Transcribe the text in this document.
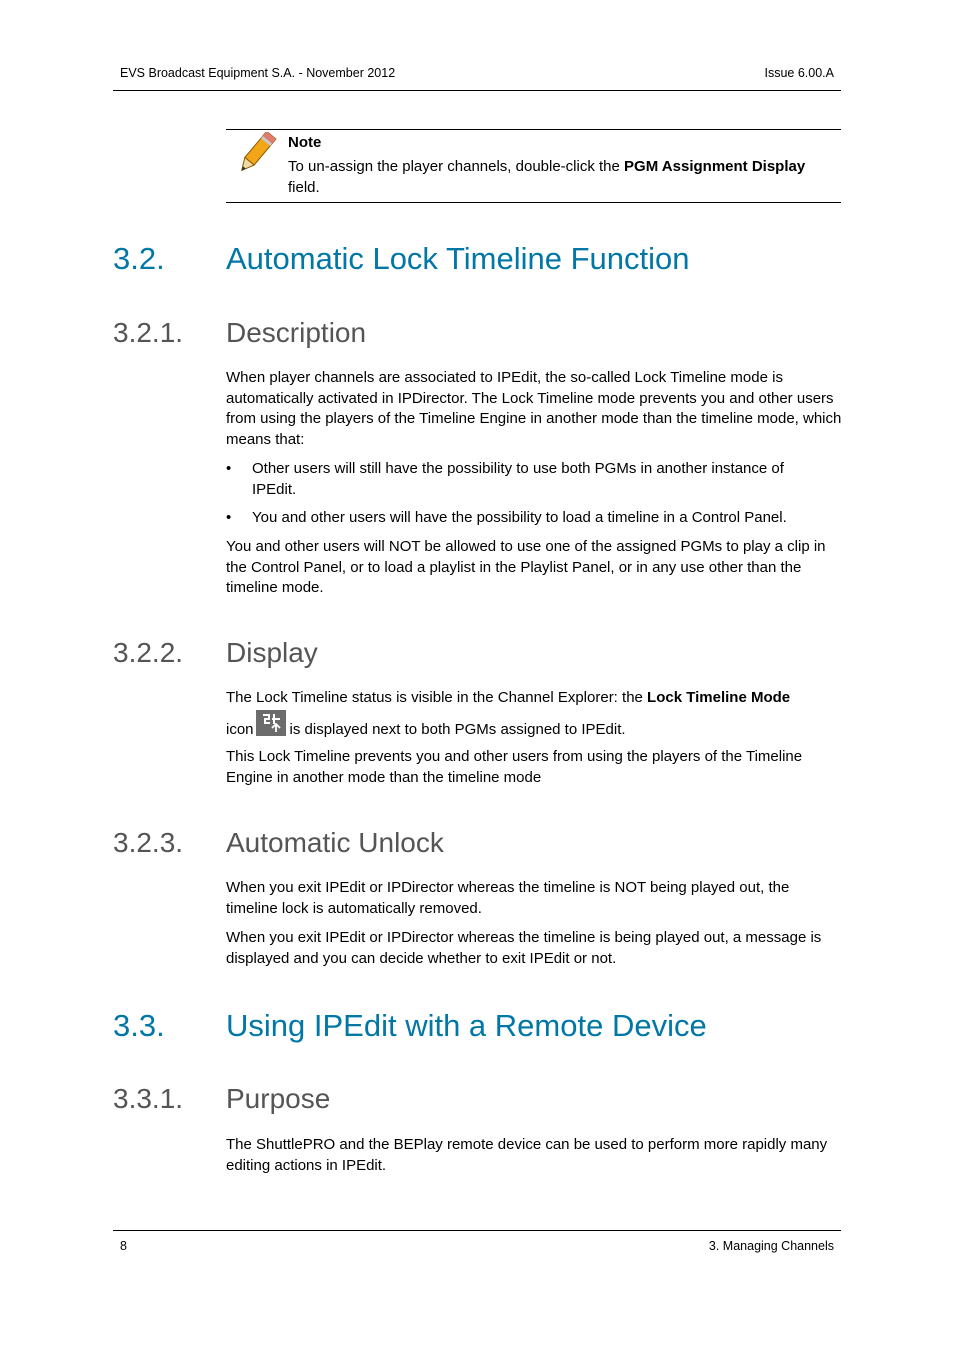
EVS Broadcast Equipment S.A. - November 2012	Issue 6.00.A
Note
To un-assign the player channels, double-click the PGM Assignment Display field.
3.2. Automatic Lock Timeline Function
3.2.1. Description

When player channels are associated to IPEdit, the so-called Lock Timeline mode is automatically activated in IPDirector. The Lock Timeline mode prevents you and other users from using the players of the Timeline Engine in another mode than the timeline mode, which means that:

• Other users will still have the possibility to use both PGMs in another instance of IPEdit.
• You and other users will have the possibility to load a timeline in a Control Panel.

You and other users will NOT be allowed to use one of the assigned PGMs to play a clip in the Control Panel, or to load a playlist in the Playlist Panel, or in any use other than the timeline mode.

3.2.2. Display

The Lock Timeline status is visible in the Channel Explorer: the Lock Timeline Mode

icon is displayed next to both PGMs assigned to IPEdit.

This Lock Timeline prevents you and other users from using the players of the Timeline Engine in another mode than the timeline mode

3.2.3. Automatic Unlock

When you exit IPEdit or IPDirector whereas the timeline is NOT being played out, the timeline lock is automatically removed.

When you exit IPEdit or IPDirector whereas the timeline is being played out, a message is displayed and you can decide whether to exit IPEdit or not.

3.3. Using IPEdit with a Remote Device
3.3.1. Purpose

The ShuttlePRO and the BEPlay remote device can be used to perform more rapidly many editing actions in IPEdit.

8	3. Managing Channels
